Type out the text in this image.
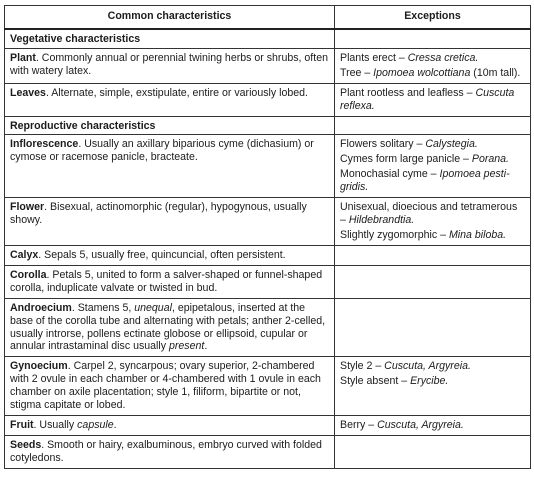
Common characteristics	Exceptions
Vegetative characteristics	
Plant. Commonly annual or perennial twining herbs or shrubs, often with watery latex.	Plants erect – Cressa cretica.
Tree – Ipomoea wolcottiana (10m tall).

Leaves. Alternate, simple, exstipulate, entire or variously lobed.	Plant rootless and leafless – Cuscuta reflexa.

Reproductive characteristics	
Inflorescence. Usually an axillary biparious cyme (dichasium) or cymose or racemose panicle, bracteate.	Flowers solitary – Calystegia.
Cymes form large panicle – Porana.
Monochasial cyme – Ipomoea pesti-gridis.

Flower. Bisexual, actinomorphic (regular), hypogynous, usually showy.	Unisexual, dioecious and tetramerous – Hildebrandtia.
Slightly zygomorphic – Mina biloba.

Calyx. Sepals 5, usually free, quincuncial, often persistent.	
Corolla. Petals 5, united to form a salver-shaped or funnel-shaped corolla, induplicate valvate or twisted in bud.	
Androecium. Stamens 5, unequal, epipetalous, inserted at the base of the corolla tube and alternating with petals; anther 2-celled, usually introrse, pollens ectinate globose or ellipsoid, cupular or annular intrastaminal disc usually present.	
Gynoecium. Carpel 2, syncarpous; ovary superior, 2-chambered with 2 ovule in each chamber or 4-chambered with 1 ovule in each chamber on axile placentation; style 1, filiform, bipartite or not, stigma capitate or lobed.	Style 2 – Cuscuta, Argyreia.
Style absent – Erycibe.

Fruit. Usually capsule.	Berry – Cuscuta, Argyreia.

Seeds. Smooth or hairy, exalbuminous, embryo curved with folded cotyledons.	
